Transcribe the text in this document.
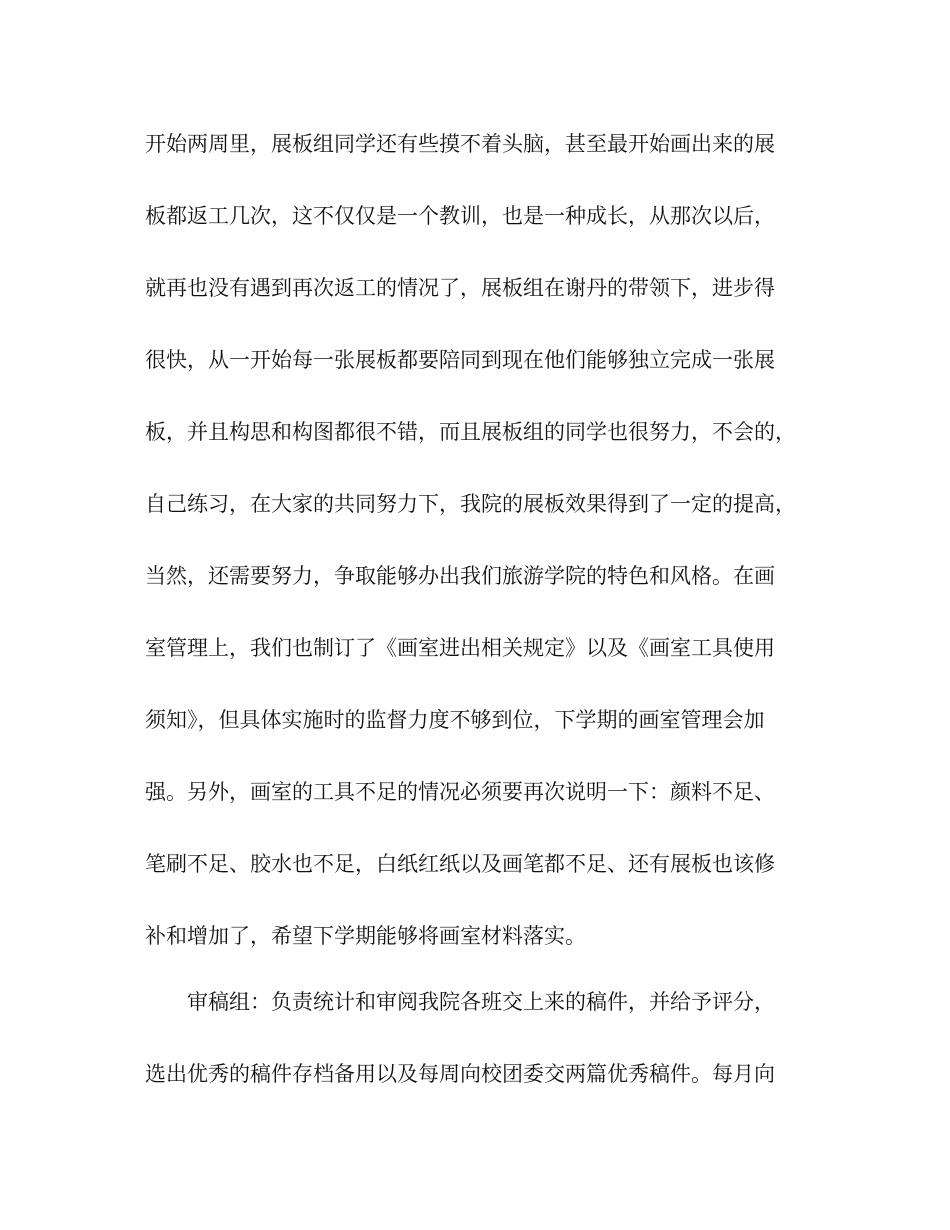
开始两周里，展板组同学还有些摸不着头脑，甚至最开始画出来的展

板都返工几次，这不仅仅是一个教训，也是一种成长，从那次以后，

就再也没有遇到再次返工的情况了，展板组在谢丹的带领下，进步得

很快，从一开始每一张展板都要陪同到现在他们能够独立完成一张展

板，并且构思和构图都很不错，而且展板组的同学也很努力，不会的，

自己练习，在大家的共同努力下，我院的展板效果得到了一定的提高，

当然，还需要努力，争取能够办出我们旅游学院的特色和风格。在画

室管理上，我们也制订了《画室进出相关规定》以及《画室工具使用

须知》，但具体实施时的监督力度不够到位，下学期的画室管理会加

强。另外，画室的工具不足的情况必须要再次说明一下：颜料不足、

笔刷不足、胶水也不足，白纸红纸以及画笔都不足、还有展板也该修

补和增加了，希望下学期能够将画室材料落实。

审稿组：负责统计和审阅我院各班交上来的稿件，并给予评分，

选出优秀的稿件存档备用以及每周向校团委交两篇优秀稿件。每月向
